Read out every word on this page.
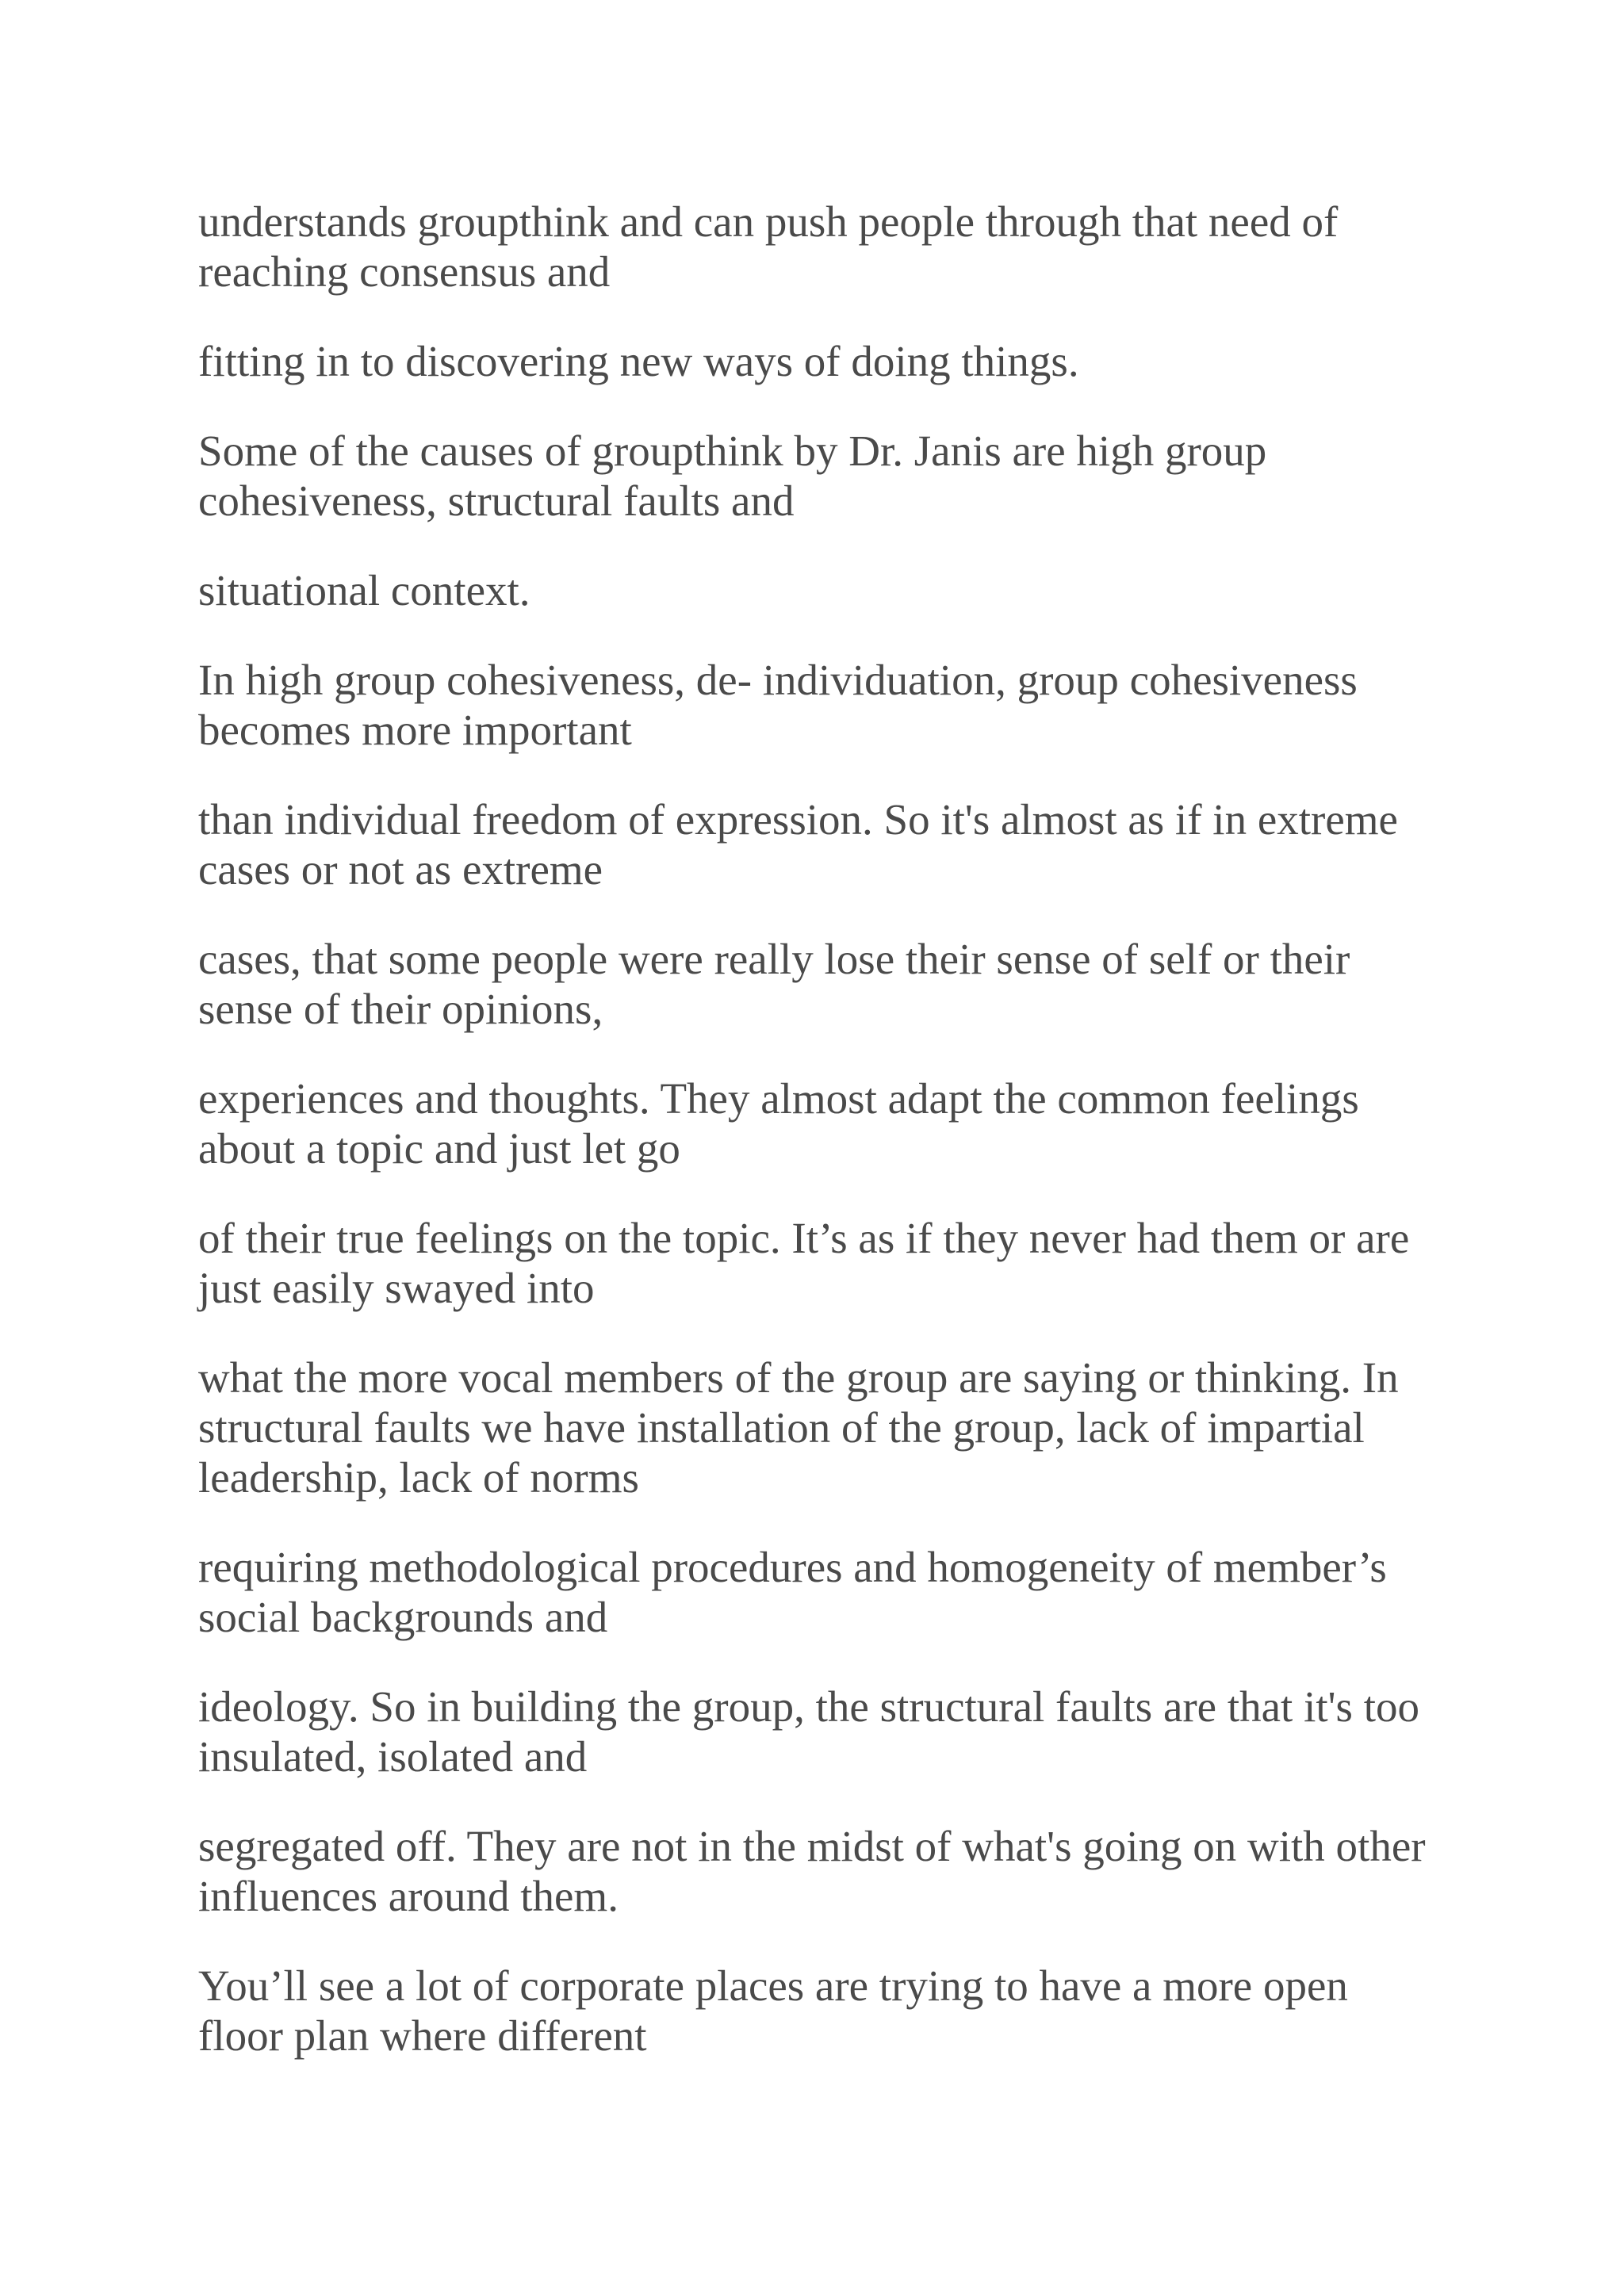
understands groupthink and can push people through that need of
reaching consensus and

fitting in to discovering new ways of doing things.

Some of the causes of groupthink by Dr. Janis are high group
cohesiveness, structural faults and

situational context.

In high group cohesiveness, de- individuation, group cohesiveness
becomes more important

than individual freedom of expression. So it's almost as if in extreme
cases or not as extreme

cases, that some people were really lose their sense of self or their
sense of their opinions,

experiences and thoughts. They almost adapt the common feelings
about a topic and just let go

of their true feelings on the topic. It’s as if they never had them or are
just easily swayed into

what the more vocal members of the group are saying or thinking. In
structural faults we have installation of the group, lack of impartial
leadership, lack of norms

requiring methodological procedures and homogeneity of member’s
social backgrounds and

ideology. So in building the group, the structural faults are that it's too
insulated, isolated and

segregated off. They are not in the midst of what's going on with other
influences around them.

You’ll see a lot of corporate places are trying to have a more open
floor plan where different
